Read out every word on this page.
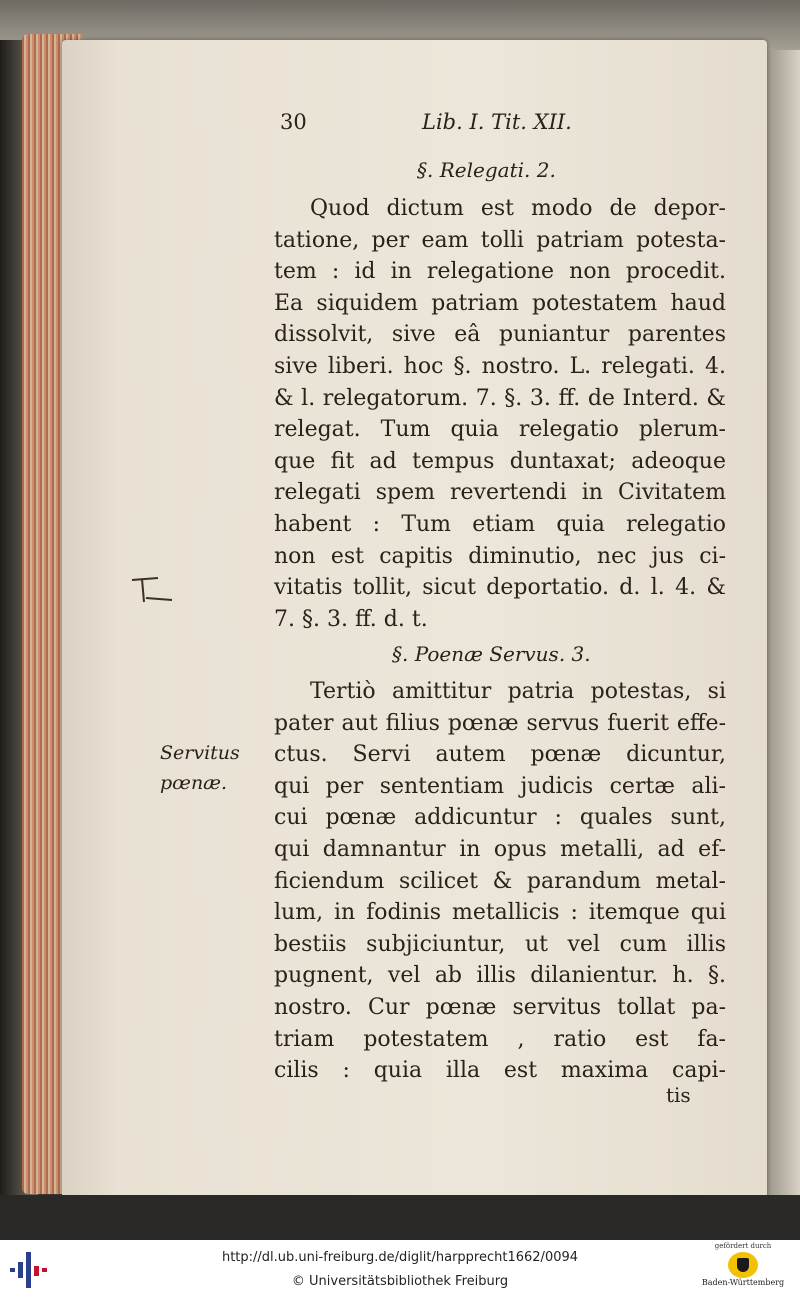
30	Lib. I. Tit. XII.
§. Relegati. 2.
Quod dictum est modo de depor-
tatione, per eam tolli patriam potesta-
tem : id in relegatione non procedit.
Ea siquidem patriam potestatem haud
dissolvit, sive eâ puniantur parentes
sive liberi. hoc §. nostro. L. relegati. 4.
& l. relegatorum. 7. §. 3. ff. de Interd. &
relegat. Tum quia relegatio plerum-
que fit ad tempus duntaxat; adeoque
relegati spem revertendi in Civitatem
habent : Tum etiam quia relegatio
non est capitis diminutio, nec jus ci-
vitatis tollit, sicut deportatio. d. l. 4. &
7. §. 3. ff. d. t.
§. Poenæ Servus. 3.
Tertiò amittitur patria potestas, si
pater aut filius pœnæ servus fuerit effe-
ctus. Servi autem pœnæ dicuntur,
qui per sententiam judicis certæ ali-
cui pœnæ addicuntur : quales sunt,
qui damnantur in opus metalli, ad ef-
ficiendum scilicet & parandum metal-
lum, in fodinis metallicis : itemque qui
bestiis subjiciuntur, ut vel cum illis
pugnent, vel ab illis dilanientur. h. §.
nostro. Cur pœnæ servitus tollat pa-
triam potestatem , ratio est fa-
cilis : quia illa est maxima capi-
Servitus
pœnæ.
tis
http://dl.ub.uni-freiburg.de/diglit/harpprecht1662/0094
© Universitätsbibliothek Freiburg
gefördert durch
Baden-Württemberg
